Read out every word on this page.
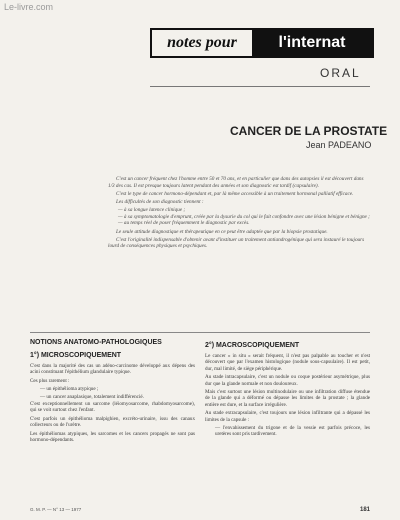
Le-livre.com
notes pour	l'internat
ORAL
CANCER DE LA PROSTATE
Jean PADEANO

C'est un cancer fréquent chez l'homme entre 50 et 70 ans, et en particulier que dans des autopsies il est découvert dans 1/3 des cas. Il est presque toujours latent pendant des années et son diagnostic est tardif (capsulaire).

C'est le type de cancer hormono-dépendant et, par là même accessible à un traitement hormonal palliatif efficace.

Les difficultés de son diagnostic tiennent :

— à sa longue latence clinique ;
— à sa symptomatologie d'emprunt, créée par la dysurie du col qui le fait confondre avec une lésion bénigne et bénigne ;
— au temps réel de poser fréquemment le diagnostic par excès.

Le seule attitude diagnostique et thérapeutique en ce peut être adaptée que par la biopsie prostatique.

C'est l'originalité indispensable d'obtenir avant d'instituer un traitement antiandrogénique qui sera instauré le toujours lourd de conséquences physiques et psychiques.

NOTIONS ANATOMO-PATHOLOGIQUES
1°) MICROSCOPIQUEMENT

C'est dans la majorité des cas un adéno-carcinome développé aux dépens des acini constituant l'épithélium glandulaire typique.

Ces plus rarement :

— un épithélioma atypique ;

— un cancer anaplasique, totalement indifférencié.

C'est exceptionnellement un sarcome (léiomyosarcome, rhabdomyosarcome), qui se voit surtout chez l'enfant.

C'est parfois un épithélioma malpighien, excréto-urinaire, issu des canaux collecteurs ou de l'urètre.

Les épithéliomas atypiques, les sarcomes et les cancers propagés ne sont pas hormono-dépendants.

2°) MACROSCOPIQUEMENT

Le cancer « in situ » serait fréquent, il n'est pas palpable au toucher et n'est découvert que par l'examen histologique (nodule sous-capsulaire). Il est petit, dur, mal limité, de siège périphérique.

Au stade intracapsulaire, c'est un nodule ou coque postérieur asymétrique, plus dur que la glande normale et non douloureux.

Mais c'est surtout une lésion multinodulaire ou une infiltration diffuse étendue de la glande qui a déformé ou dépasse les limites de la prostate ; la glande entière est dure, et la surface irrégulière.

Au stade extracapsulaire, c'est toujours une lésion infiltrante qui a dépassé les limites de la capsule :

— l'envahissement du trigone et de la vessie est parfois précoce, les uretères sont pris tardivement.

G. M. P. — N° 13 — 1977	181
